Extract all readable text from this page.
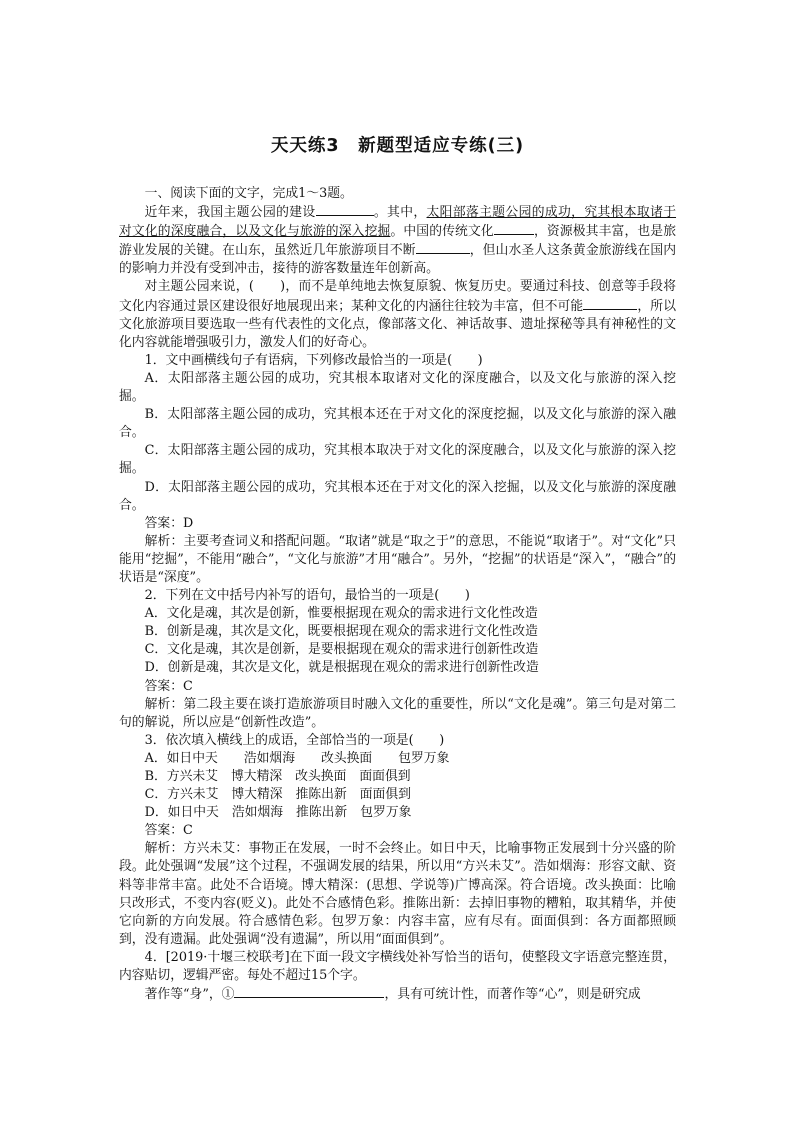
天天练3　新题型适应专练(三)

一、阅读下面的文字，完成1～3题。

近年来，我国主题公园的建设	。其中，太阳部落主题公园的成功，究其根本取诸于对文化的深度融合，以及文化与旅游的深入挖掘。中国的传统文化	，资源极其丰富，也是旅游业发展的关键。在山东，虽然近几年旅游项目不断	，但山水圣人这条黄金旅游线在国内的影响力并没有受到冲击，接待的游客数量连年创新高。

对主题公园来说，(　　)，而不是单纯地去恢复原貌、恢复历史。要通过科技、创意等手段将文化内容通过景区建设很好地展现出来；某种文化的内涵往往较为丰富，但不可能	，所以文化旅游项目要选取一些有代表性的文化点，像部落文化、神话故事、遗址探秘等具有神秘性的文化内容就能增强吸引力，激发人们的好奇心。

1．文中画横线句子有语病，下列修改最恰当的一项是(　　)

A．太阳部落主题公园的成功，究其根本取诸对文化的深度融合，以及文化与旅游的深入挖掘。

B．太阳部落主题公园的成功，究其根本还在于对文化的深度挖掘，以及文化与旅游的深入融合。

C．太阳部落主题公园的成功，究其根本取决于对文化的深度融合，以及文化与旅游的深入挖掘。

D．太阳部落主题公园的成功，究其根本还在于对文化的深入挖掘，以及文化与旅游的深度融合。

答案：D

解析：主要考查词义和搭配问题。“取诸”就是“取之于”的意思，不能说“取诸于”。对“文化”只能用“挖掘”，不能用“融合”，“文化与旅游”才用“融合”。另外，“挖掘”的状语是“深入”，“融合”的状语是“深度”。

2．下列在文中括号内补写的语句，最恰当的一项是(　　)

A．文化是魂，其次是创新，惟要根据现在观众的需求进行文化性改造

B．创新是魂，其次是文化，既要根据现在观众的需求进行文化性改造

C．文化是魂，其次是创新，是要根据现在观众的需求进行创新性改造

D．创新是魂，其次是文化，就是根据现在观众的需求进行创新性改造

答案：C

解析：第二段主要在谈打造旅游项目时融入文化的重要性，所以“文化是魂”。第三句是对第二句的解说，所以应是“创新性改造”。

3．依次填入横线上的成语，全部恰当的一项是(　　)

A．如日中天 浩如烟海 改头换面 包罗万象

B．方兴未艾 博大精深 改头换面 面面俱到

C．方兴未艾 博大精深 推陈出新 面面俱到

D．如日中天 浩如烟海 推陈出新 包罗万象

答案：C

解析：方兴未艾：事物正在发展，一时不会终止。如日中天，比喻事物正发展到十分兴盛的阶段。此处强调“发展”这个过程，不强调发展的结果，所以用“方兴未艾”。浩如烟海：形容文献、资料等非常丰富。此处不合语境。博大精深：(思想、学说等)广博高深。符合语境。改头换面：比喻只改形式，不变内容(贬义)。此处不合感情色彩。推陈出新：去掉旧事物的糟粕，取其精华，并使它向新的方向发展。符合感情色彩。包罗万象：内容丰富，应有尽有。面面俱到：各方面都照顾到，没有遗漏。此处强调“没有遗漏”，所以用“面面俱到”。

4．[2019·十堰三校联考]在下面一段文字横线处补写恰当的语句，使整段文字语意完整连贯，内容贴切，逻辑严密。每处不超过15个字。

著作等“身”，①	，具有可统计性，而著作等“心”，则是研究成
